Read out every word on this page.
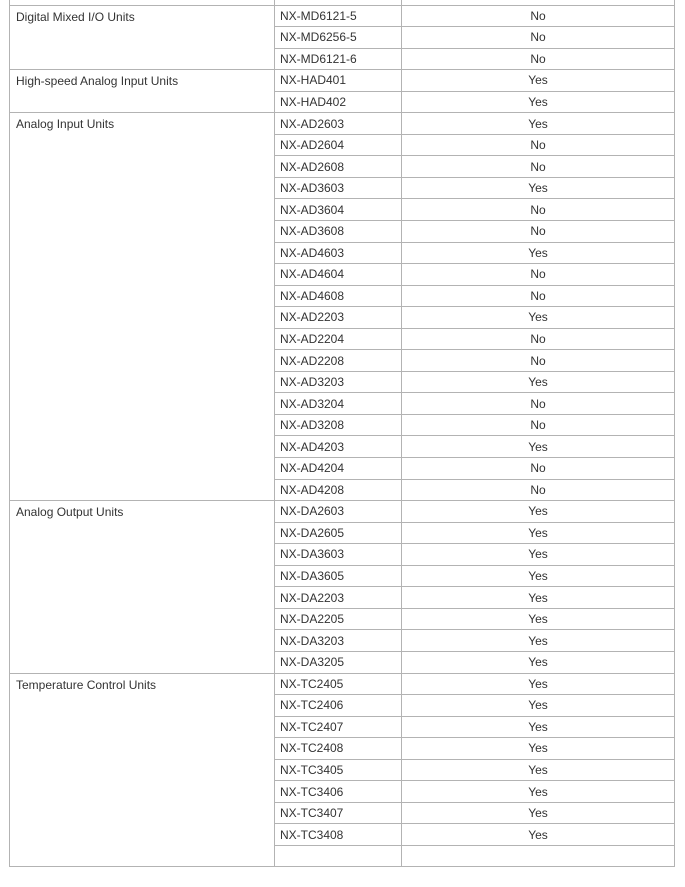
Digital Mixed I/O Units	NX-MD6121-5	No
	NX-MD6256-5	No
	NX-MD6121-6	No
High-speed Analog Input Units	NX-HAD401	Yes
	NX-HAD402	Yes
Analog Input Units	NX-AD2603	Yes
	NX-AD2604	No
	NX-AD2608	No
	NX-AD3603	Yes
	NX-AD3604	No
	NX-AD3608	No
	NX-AD4603	Yes
	NX-AD4604	No
	NX-AD4608	No
	NX-AD2203	Yes
	NX-AD2204	No
	NX-AD2208	No
	NX-AD3203	Yes
	NX-AD3204	No
	NX-AD3208	No
	NX-AD4203	Yes
	NX-AD4204	No
	NX-AD4208	No
Analog Output Units	NX-DA2603	Yes
	NX-DA2605	Yes
	NX-DA3603	Yes
	NX-DA3605	Yes
	NX-DA2203	Yes
	NX-DA2205	Yes
	NX-DA3203	Yes
	NX-DA3205	Yes
Temperature Control Units	NX-TC2405	Yes
	NX-TC2406	Yes
	NX-TC2407	Yes
	NX-TC2408	Yes
	NX-TC3405	Yes
	NX-TC3406	Yes
	NX-TC3407	Yes
	NX-TC3408	Yes
